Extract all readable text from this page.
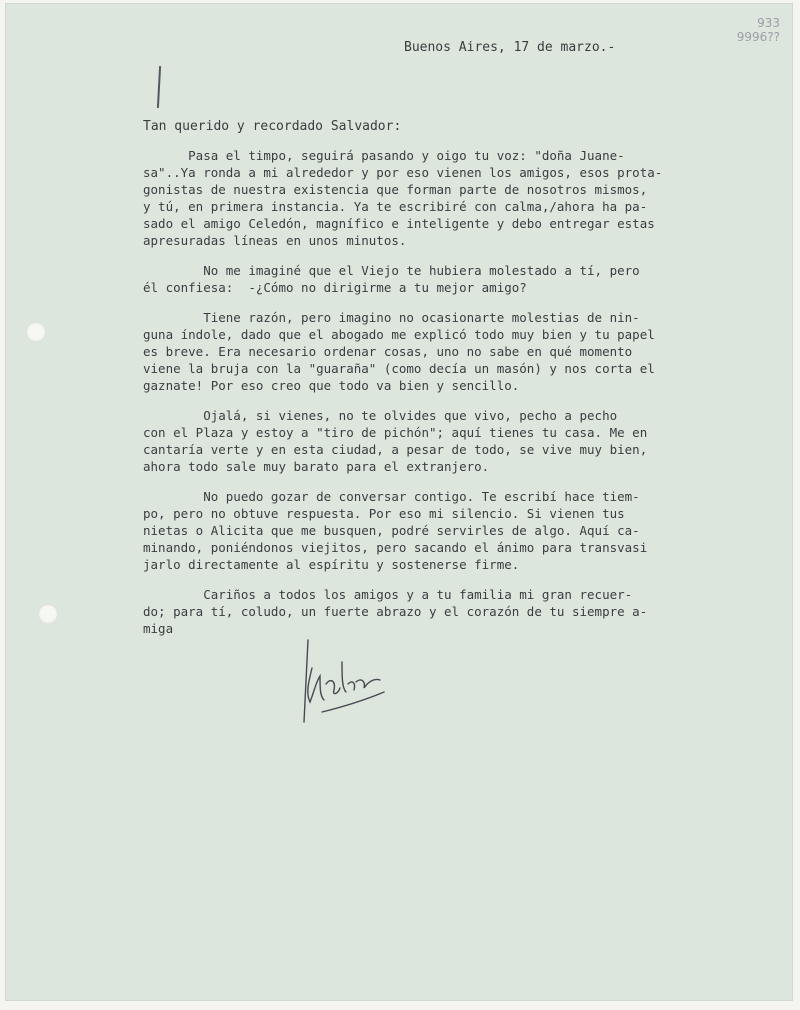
933
9996??
Buenos Aires, 17 de marzo.-
Tan querido y recordado Salvador:
Pasa el timpo, seguirá pasando y oigo tu voz: "doña Juane-
sa"..Ya ronda a mi alrededor y por eso vienen los amigos, esos prota-
gonistas de nuestra existencia que forman parte de nosotros mismos,
y tú, en primera instancia. Ya te escribiré con calma,/ahora ha pa-
sado el amigo Celedón, magnífico e inteligente y debo entregar estas
apresuradas líneas en unos minutos.
No me imaginé que el Viejo te hubiera molestado a tí, pero
él confiesa:  -¿Cómo no dirigirme a tu mejor amigo?
Tiene razón, pero imagino no ocasionarte molestias de nin-
guna índole, dado que el abogado me explicó todo muy bien y tu papel
es breve. Era necesario ordenar cosas, uno no sabe en qué momento
viene la bruja con la "guaraña" (como decía un masón) y nos corta el
gaznate! Por eso creo que todo va bien y sencillo.
Ojalá, si vienes, no te olvides que vivo, pecho a pecho
con el Plaza y estoy a "tiro de pichón"; aquí tienes tu casa. Me en
cantaría verte y en esta ciudad, a pesar de todo, se vive muy bien,
ahora todo sale muy barato para el extranjero.
No puedo gozar de conversar contigo. Te escribí hace tiem-
po, pero no obtuve respuesta. Por eso mi silencio. Si vienen tus
nietas o Alicita que me busquen, podré servirles de algo. Aquí ca-
minando, poniéndonos viejitos, pero sacando el ánimo para transvasi
jarlo directamente al espíritu y sostenerse firme.
Cariños a todos los amigos y a tu familia mi gran recuer-
do; para tí, coludo, un fuerte abrazo y el corazón de tu siempre a-
miga
